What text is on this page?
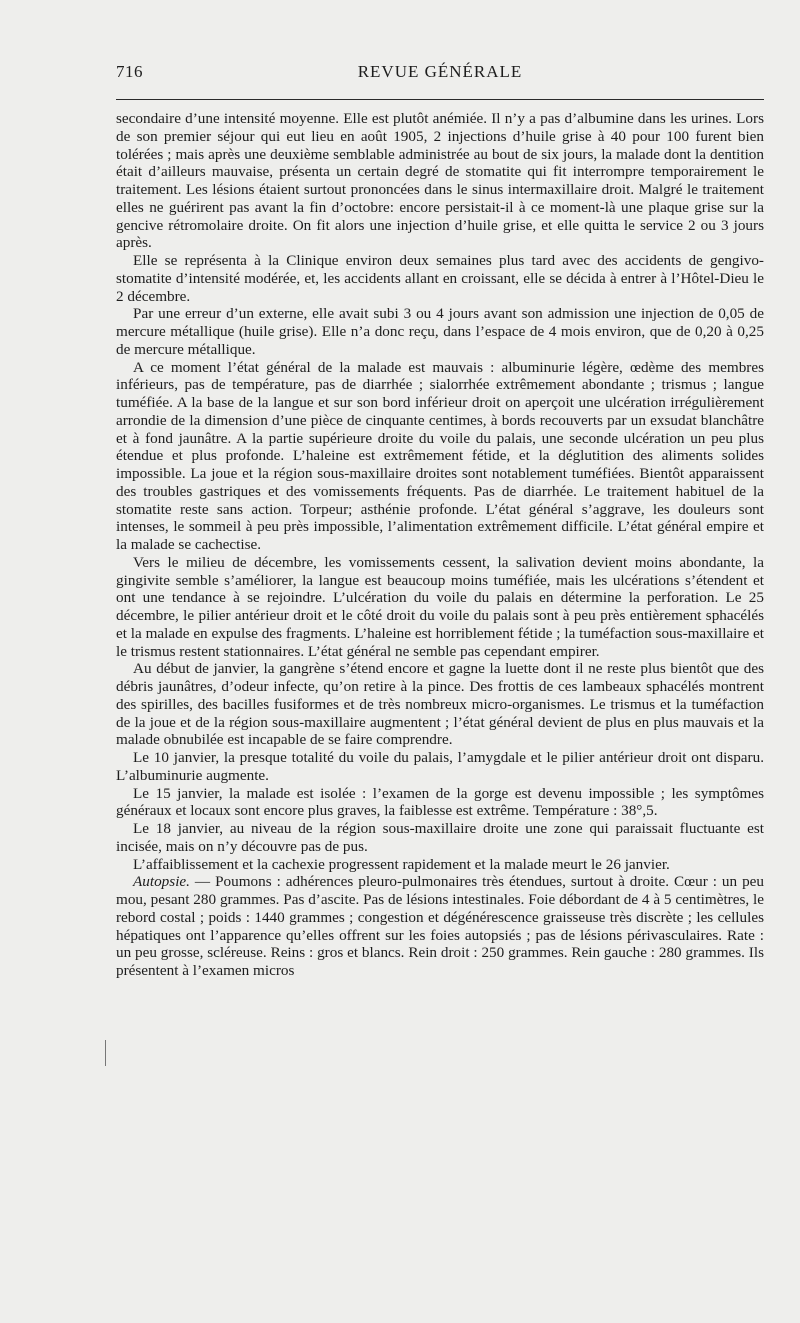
716	REVUE GÉNÉRALE

secondaire d’une intensité moyenne. Elle est plutôt anémiée. Il n’y a pas d’albumine dans les urines. Lors de son premier séjour qui eut lieu en août 1905, 2 injections d’huile grise à 40 pour 100 furent bien tolérées ; mais après une deuxième semblable administrée au bout de six jours, la malade dont la dentition était d’ailleurs mauvaise, présenta un certain degré de stomatite qui fit interrompre temporairement le traitement. Les lésions étaient surtout prononcées dans le sinus intermaxillaire droit. Malgré le traitement elles ne guérirent pas avant la fin d’octobre: encore persistait-il à ce moment-là une plaque grise sur la gencive rétromolaire droite. On fit alors une injection d’huile grise, et elle quitta le service 2 ou 3 jours après.

Elle se représenta à la Clinique environ deux semaines plus tard avec des accidents de gengivo-stomatite d’intensité modérée, et, les accidents allant en croissant, elle se décida à entrer à l’Hôtel-Dieu le 2 décembre.

Par une erreur d’un externe, elle avait subi 3 ou 4 jours avant son admission une injection de 0,05 de mercure métallique (huile grise). Elle n’a donc reçu, dans l’espace de 4 mois environ, que de 0,20 à 0,25 de mercure métallique.

A ce moment l’état général de la malade est mauvais : albuminurie légère, œdème des membres inférieurs, pas de température, pas de diarrhée ; sialorrhée extrêmement abondante ; trismus ; langue tuméfiée. A la base de la langue et sur son bord inférieur droit on aperçoit une ulcération irrégulièrement arrondie de la dimension d’une pièce de cinquante centimes, à bords recouverts par un exsudat blanchâtre et à fond jaunâtre. A la partie supérieure droite du voile du palais, une seconde ulcération un peu plus étendue et plus profonde. L’haleine est extrêmement fétide, et la déglutition des aliments solides impossible. La joue et la région sous-maxillaire droites sont notablement tuméfiées. Bientôt apparaissent des troubles gastriques et des vomissements fréquents. Pas de diarrhée. Le traitement habituel de la stomatite reste sans action. Torpeur; asthénie profonde. L’état général s’aggrave, les douleurs sont intenses, le sommeil à peu près impossible, l’alimentation extrêmement difficile. L’état général empire et la malade se cachectise.

Vers le milieu de décembre, les vomissements cessent, la salivation devient moins abondante, la gingivite semble s’améliorer, la langue est beaucoup moins tuméfiée, mais les ulcérations s’étendent et ont une tendance à se rejoindre. L’ulcération du voile du palais en détermine la perforation. Le 25 décembre, le pilier antérieur droit et le côté droit du voile du palais sont à peu près entièrement sphacélés et la malade en expulse des fragments. L’haleine est horriblement fétide ; la tuméfaction sous-maxillaire et le trismus restent stationnaires. L’état général ne semble pas cependant empirer.

Au début de janvier, la gangrène s’étend encore et gagne la luette dont il ne reste plus bientôt que des débris jaunâtres, d’odeur infecte, qu’on retire à la pince. Des frottis de ces lambeaux sphacélés montrent des spirilles, des bacilles fusiformes et de très nombreux micro-organismes. Le trismus et la tuméfaction de la joue et de la région sous-maxillaire augmentent ; l’état général devient de plus en plus mauvais et la malade obnubilée est incapable de se faire comprendre.

Le 10 janvier, la presque totalité du voile du palais, l’amygdale et le pilier antérieur droit ont disparu. L’albuminurie augmente.

Le 15 janvier, la malade est isolée : l’examen de la gorge est devenu impossible ; les symptômes généraux et locaux sont encore plus graves, la faiblesse est extrême. Température : 38°,5.

Le 18 janvier, au niveau de la région sous-maxillaire droite une zone qui paraissait fluctuante est incisée, mais on n’y découvre pas de pus.

L’affaiblissement et la cachexie progressent rapidement et la malade meurt le 26 janvier.

Autopsie. — Poumons : adhérences pleuro-pulmonaires très étendues, surtout à droite. Cœur : un peu mou, pesant 280 grammes. Pas d’ascite. Pas de lésions intestinales. Foie débordant de 4 à 5 centimètres, le rebord costal ; poids : 1440 grammes ; congestion et dégénérescence graisseuse très discrète ; les cellules hépatiques ont l’apparence qu’elles offrent sur les foies autopsiés ; pas de lésions périvasculaires. Rate : un peu grosse, scléreuse. Reins : gros et blancs. Rein droit : 250 grammes. Rein gauche : 280 grammes. Ils présentent à l’examen micros
